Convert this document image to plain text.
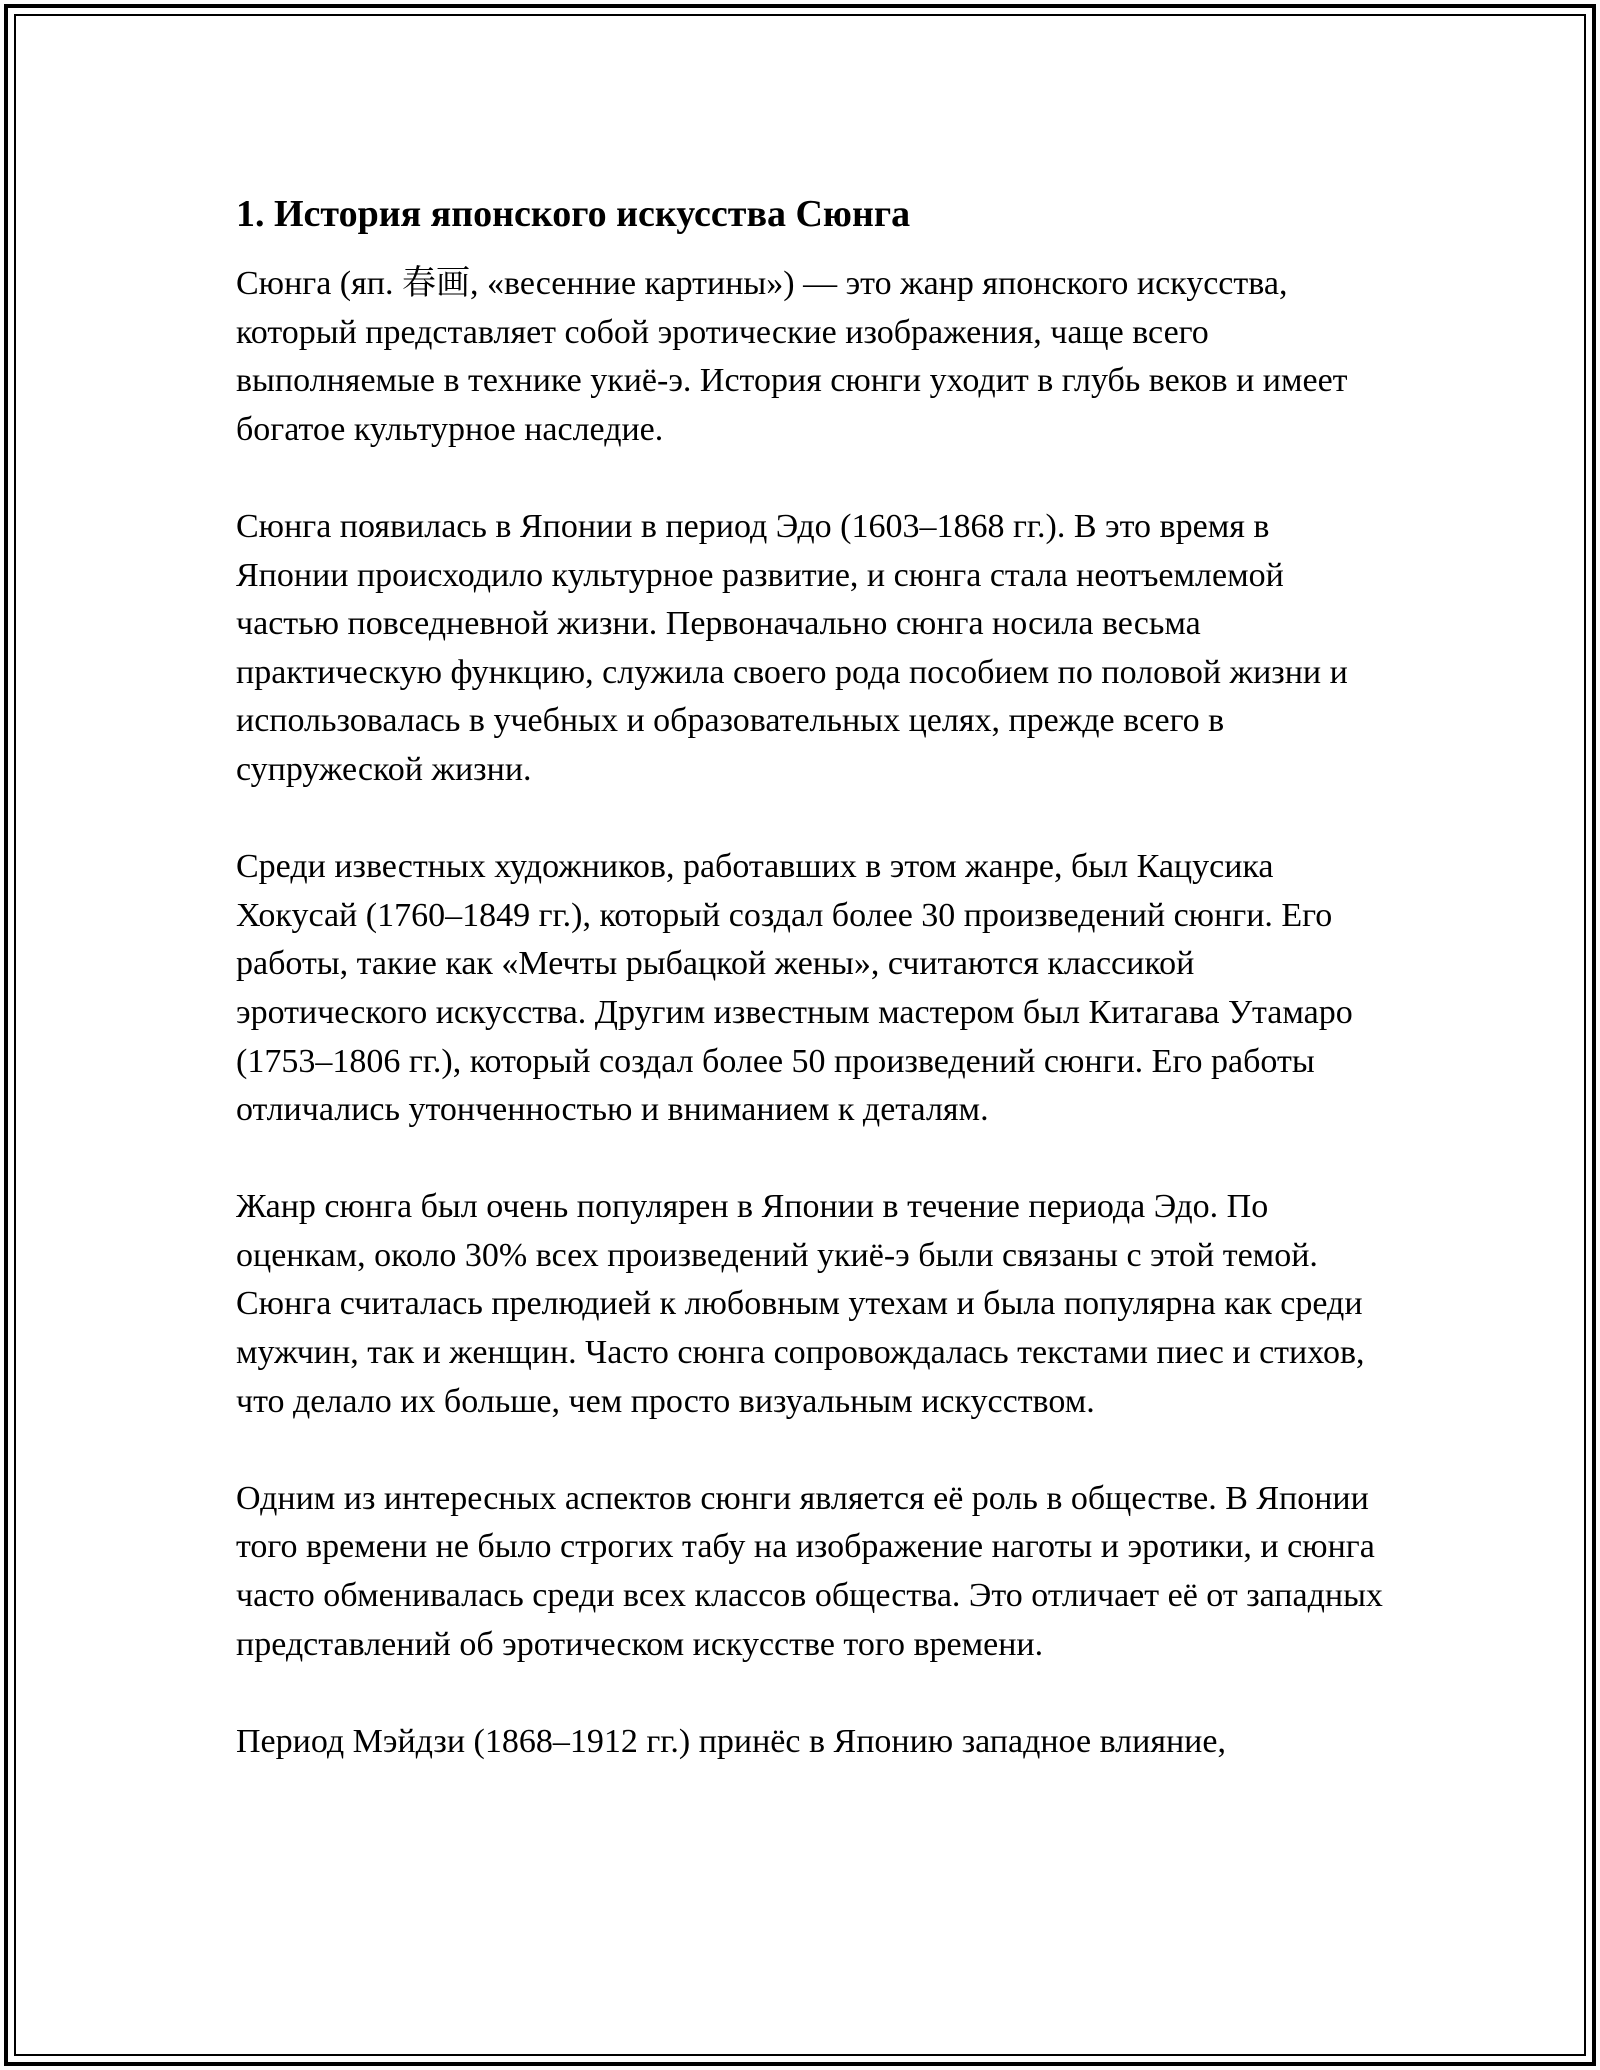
1. История японского искусства Сюнга

Сюнга (яп. 春画, «весенние картины») — это жанр японского искусства, который представляет собой эротические изображения, чаще всего выполняемые в технике укиё-э. История сюнги уходит в глубь веков и имеет богатое культурное наследие.

Сюнга появилась в Японии в период Эдо (1603–1868 гг.). В это время в Японии происходило культурное развитие, и сюнга стала неотъемлемой частью повседневной жизни. Первоначально сюнга носила весьма практическую функцию, служила своего рода пособием по половой жизни и использовалась в учебных и образовательных целях, прежде всего в супружеской жизни.

Среди известных художников, работавших в этом жанре, был Кацусика Хокусай (1760–1849 гг.), который создал более 30 произведений сюнги. Его работы, такие как «Мечты рыбацкой жены», считаются классикой эротического искусства. Другим известным мастером был Китагава Утамаро (1753–1806 гг.), который создал более 50 произведений сюнги. Его работы отличались утонченностью и вниманием к деталям.

Жанр сюнга был очень популярен в Японии в течение периода Эдо. По оценкам, около 30% всех произведений укиё-э были связаны с этой темой. Сюнга считалась прелюдией к любовным утехам и была популярна как среди мужчин, так и женщин. Часто сюнга сопровождалась текстами пиес и стихов, что делало их больше, чем просто визуальным искусством.

Одним из интересных аспектов сюнги является её роль в обществе. В Японии того времени не было строгих табу на изображение наготы и эротики, и сюнга часто обменивалась среди всех классов общества. Это отличает её от западных представлений об эротическом искусстве того времени.

Период Мэйдзи (1868–1912 гг.) принёс в Японию западное влияние,
